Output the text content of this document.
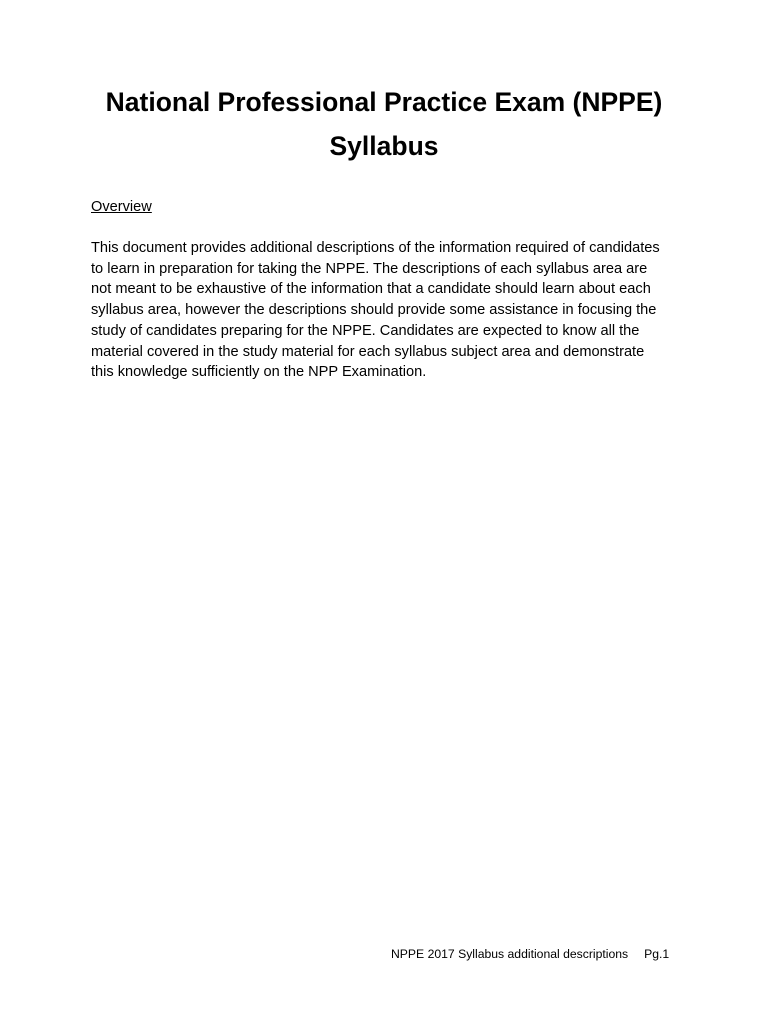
National Professional Practice Exam (NPPE)
Syllabus

Overview

This document provides additional descriptions of the information required of candidates
to learn in preparation for taking the NPPE. The descriptions of each syllabus area are
not meant to be exhaustive of the information that a candidate should learn about each
syllabus area, however the descriptions should provide some assistance in focusing the
study of candidates preparing for the NPPE. Candidates are expected to know all the
material covered in the study material for each syllabus subject area and demonstrate
this knowledge sufficiently on the NPP Examination.

NPPE 2017 Syllabus additional descriptions Pg.1
